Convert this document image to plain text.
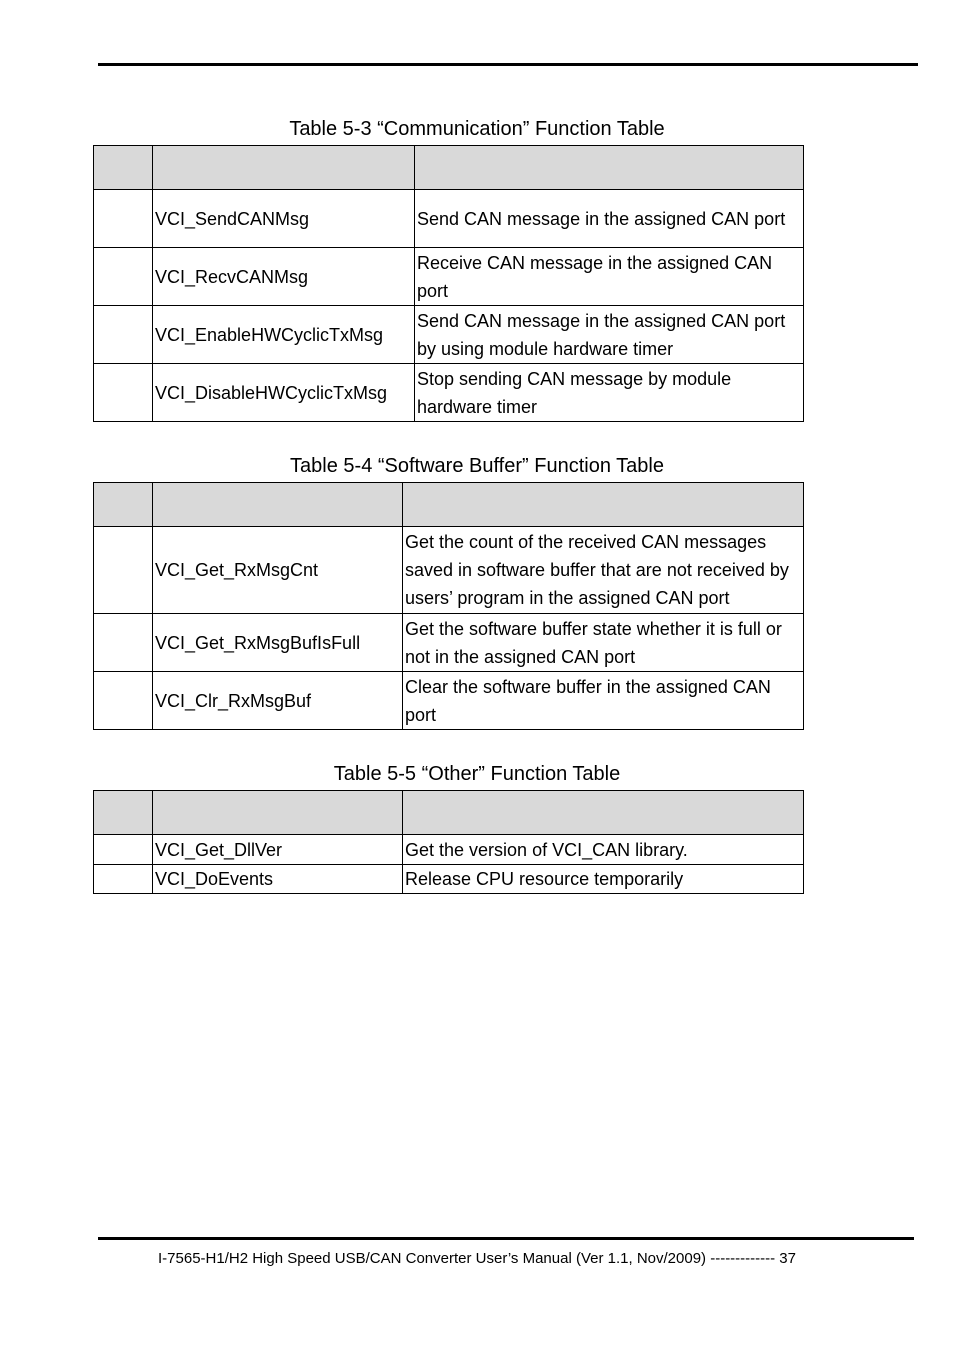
Table 5-3 “Communication” Function Table

	VCI_SendCANMsg	Send CAN message in the assigned CAN port
	VCI_RecvCANMsg	Receive CAN message in the assigned CAN port
	VCI_EnableHWCyclicTxMsg	Send CAN message in the assigned CAN port by using module hardware timer
	VCI_DisableHWCyclicTxMsg	Stop sending CAN message by module hardware timer
Table 5-4 “Software Buffer” Function Table

	VCI_Get_RxMsgCnt	Get the count of the received CAN messages saved in software buffer that are not received by users’ program in the assigned CAN port
	VCI_Get_RxMsgBufIsFull	Get the software buffer state whether it is full or not in the assigned CAN port
	VCI_Clr_RxMsgBuf	Clear the software buffer in the assigned CAN port
Table 5-5 “Other” Function Table

	VCI_Get_DllVer	Get the version of VCI_CAN library.
	VCI_DoEvents	Release CPU resource temporarily
I-7565-H1/H2 High Speed USB/CAN Converter User’s Manual (Ver 1.1, Nov/2009) ------------- 37
